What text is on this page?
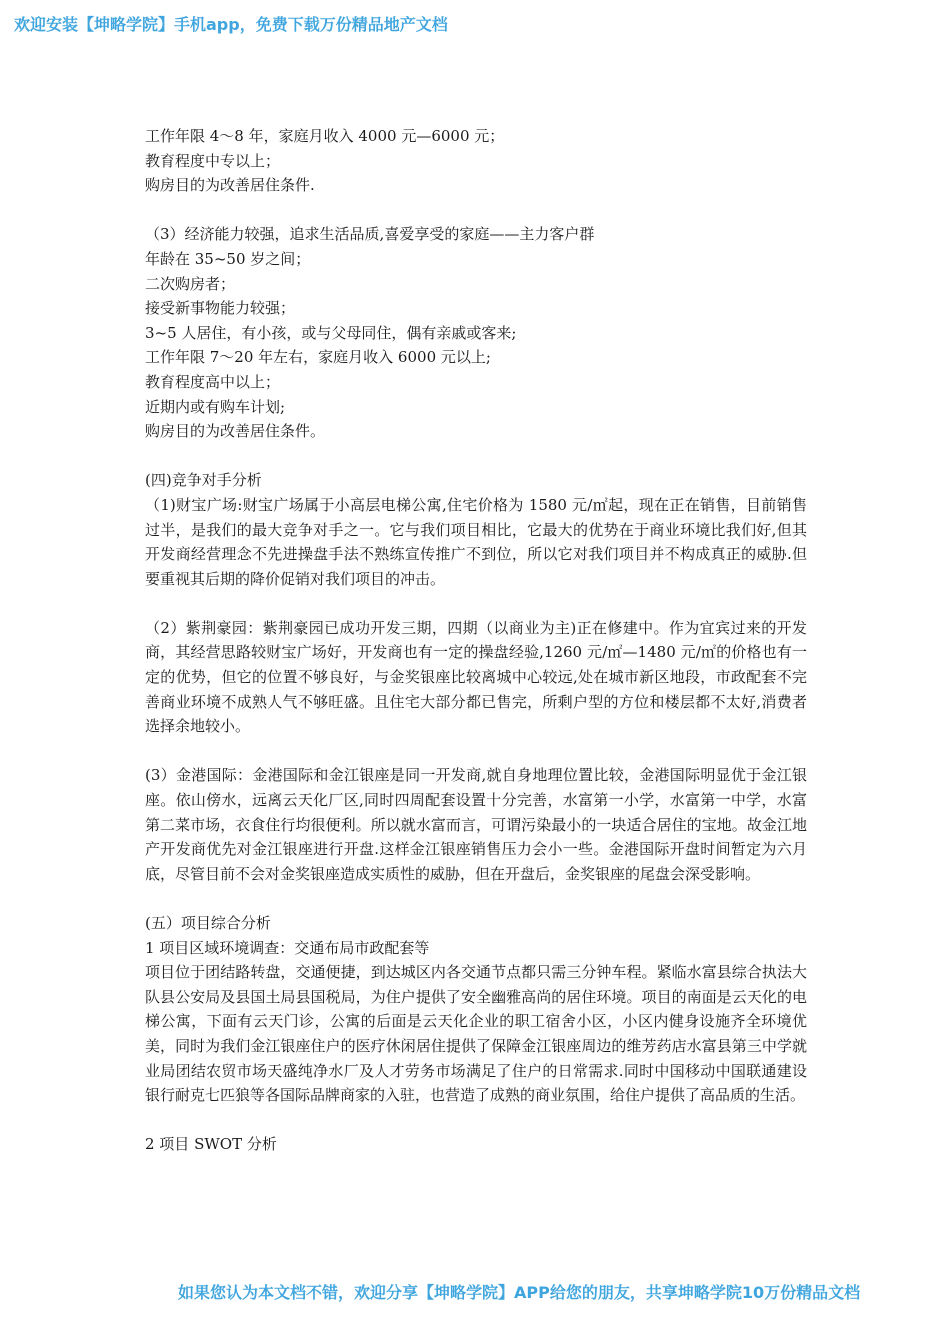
欢迎安装【坤略学院】手机app，免费下载万份精品地产文档

工作年限 4～8 年，家庭月收入 4000 元—6000 元；

教育程度中专以上；

购房目的为改善居住条件.

（3）经济能力较强，追求生活品质,喜爱享受的家庭——主力客户群

年龄在 35~50 岁之间；

二次购房者；

接受新事物能力较强；

3~5 人居住，有小孩，或与父母同住，偶有亲戚或客来;

工作年限 7～20 年左右，家庭月收入 6000 元以上;

教育程度高中以上；

近期内或有购车计划;

购房目的为改善居住条件。

(四)竞争对手分析

（1)财宝广场:财宝广场属于小高层电梯公寓,住宅价格为 1580 元/㎡起，现在正在销售，目前销售过半，是我们的最大竞争对手之一。它与我们项目相比，它最大的优势在于商业环境比我们好,但其开发商经营理念不先进操盘手法不熟练宣传推广不到位，所以它对我们项目并不构成真正的威胁.但要重视其后期的降价促销对我们项目的冲击。

（2）紫荆豪园：紫荆豪园已成功开发三期，四期（以商业为主)正在修建中。作为宜宾过来的开发商，其经营思路较财宝广场好，开发商也有一定的操盘经验,1260 元/㎡—1480 元/㎡的价格也有一定的优势，但它的位置不够良好，与金奖银座比较离城中心较远,处在城市新区地段，市政配套不完善商业环境不成熟人气不够旺盛。且住宅大部分都已售完，所剩户型的方位和楼层都不太好,消费者选择余地较小。

(3）金港国际：金港国际和金江银座是同一开发商,就自身地理位置比较，金港国际明显优于金江银座。依山傍水，远离云天化厂区,同时四周配套设置十分完善，水富第一小学，水富第一中学，水富第二菜市场，衣食住行均很便利。所以就水富而言，可谓污染最小的一块适合居住的宝地。故金江地产开发商优先对金江银座进行开盘.这样金江银座销售压力会小一些。金港国际开盘时间暂定为六月底，尽管目前不会对金奖银座造成实质性的威胁，但在开盘后，金奖银座的尾盘会深受影响。

(五）项目综合分析

1 项目区域环境调查：交通布局市政配套等

项目位于团结路转盘，交通便捷，到达城区内各交通节点都只需三分钟车程。紧临水富县综合执法大队县公安局及县国土局县国税局，为住户提供了安全幽雅高尚的居住环境。项目的南面是云天化的电梯公寓，下面有云天门诊，公寓的后面是云天化企业的职工宿舍小区，小区内健身设施齐全环境优美，同时为我们金江银座住户的医疗休闲居住提供了保障金江银座周边的维芳药店水富县第三中学就业局团结农贸市场天盛纯净水厂及人才劳务市场满足了住户的日常需求.同时中国移动中国联通建设银行耐克七匹狼等各国际品牌商家的入驻，也营造了成熟的商业氛围，给住户提供了高品质的生活。

2 项目 SWOT 分析

如果您认为本文档不错，欢迎分享【坤略学院】APP给您的朋友，共享坤略学院10万份精品文档
